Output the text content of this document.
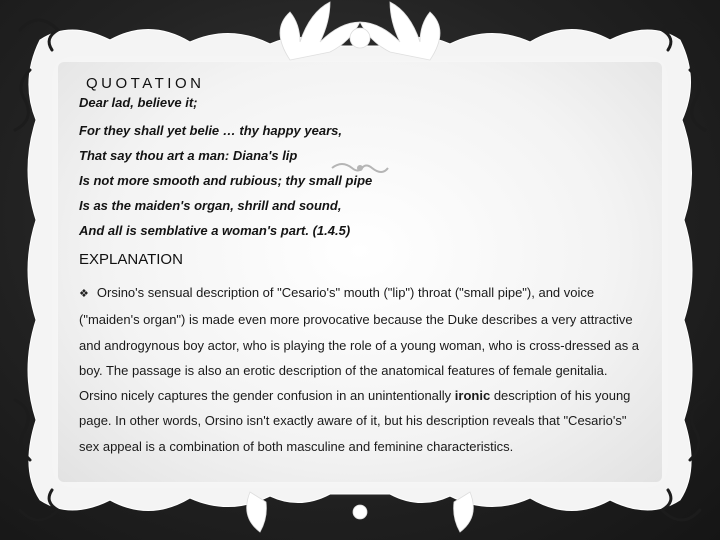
QUOTATION
Dear lad, believe it;
For they shall yet belie … thy happy years,
That say thou art a man: Diana's lip
Is not more smooth and rubious; thy small pipe
Is as the maiden's organ, shrill and sound,
And all is semblative a woman's part. (1.4.5)
EXPLANATION
❖ Orsino's sensual description of "Cesario's" mouth ("lip") throat ("small pipe"), and voice ("maiden's organ") is made even more provocative because the Duke describes a very attractive and androgynous boy actor, who is playing the role of a young woman, who is cross-dressed as a boy. The passage is also an erotic description of the anatomical features of female genitalia. Orsino nicely captures the gender confusion in an unintentionally ironic description of his young page. In other words, Orsino isn't exactly aware of it, but his description reveals that "Cesario's" sex appeal is a combination of both masculine and feminine characteristics.
